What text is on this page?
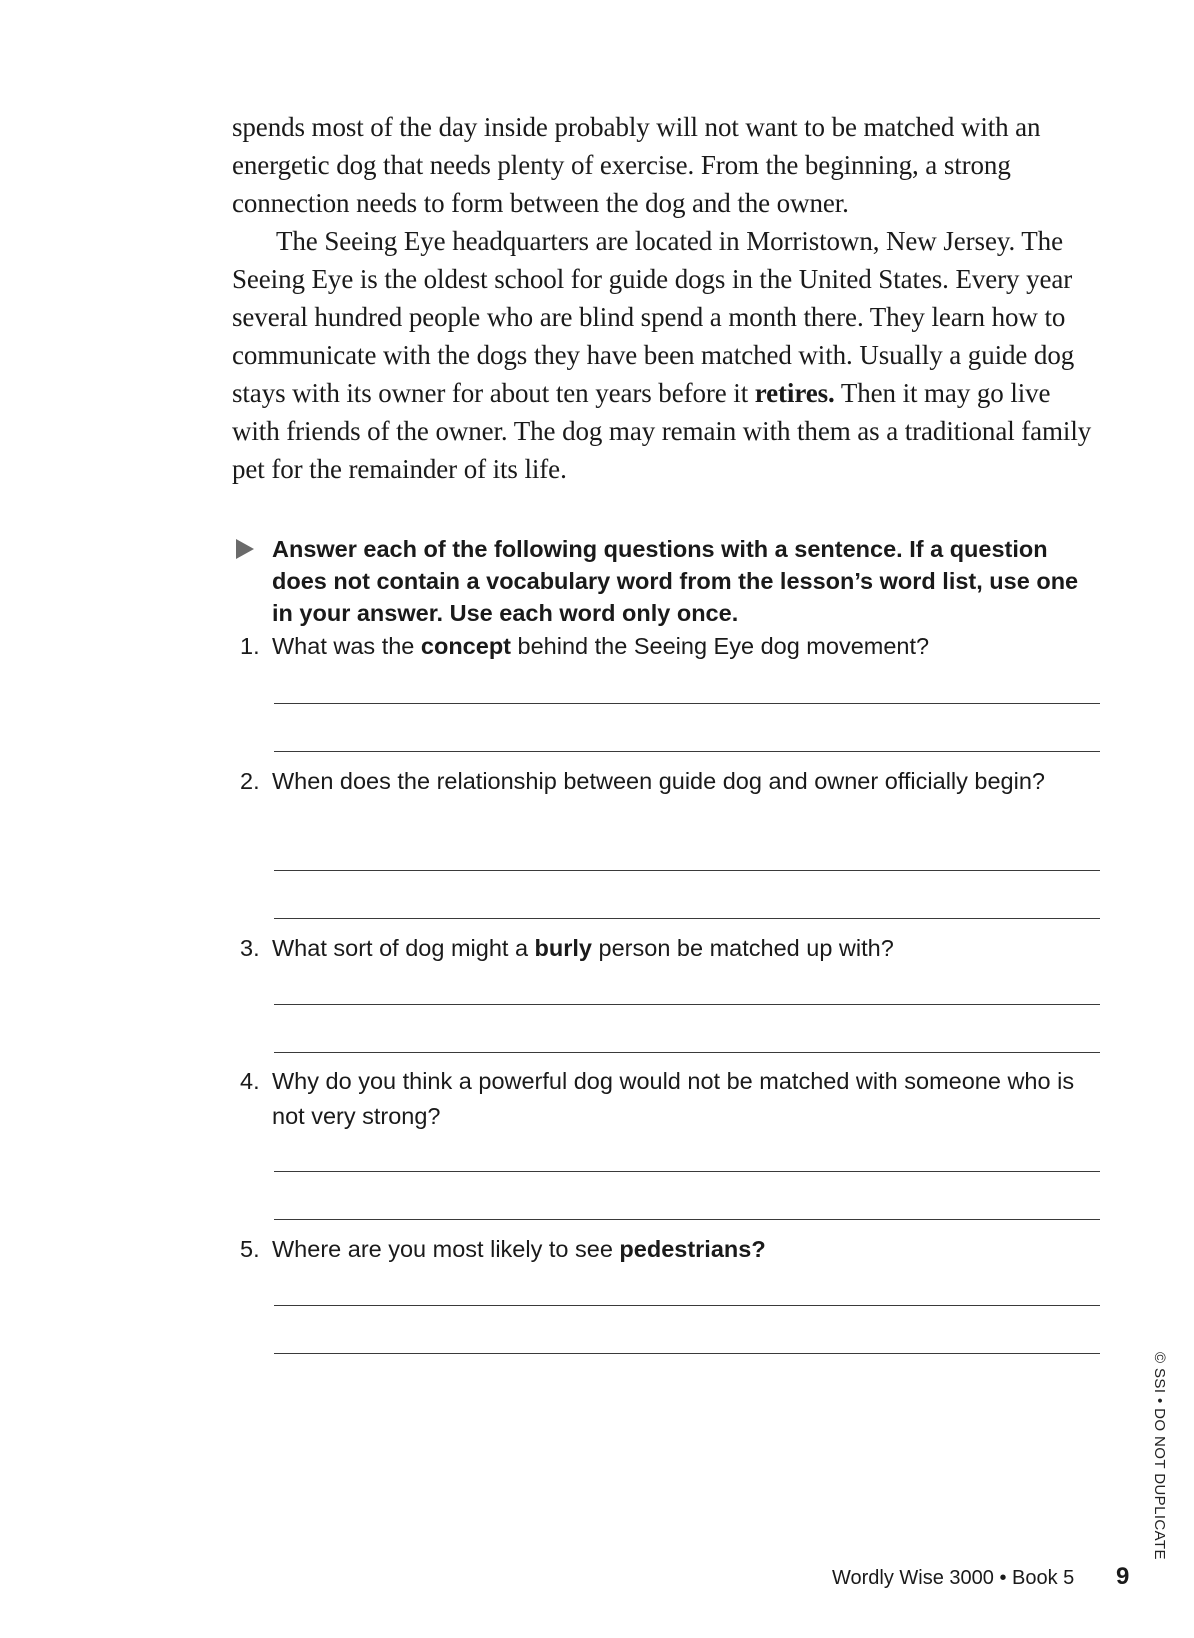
spends most of the day inside probably will not want to be matched with an energetic dog that needs plenty of exercise. From the beginning, a strong connection needs to form between the dog and the owner.

The Seeing Eye headquarters are located in Morristown, New Jersey. The Seeing Eye is the oldest school for guide dogs in the United States. Every year several hundred people who are blind spend a month there. They learn how to communicate with the dogs they have been matched with. Usually a guide dog stays with its owner for about ten years before it retires. Then it may go live with friends of the owner. The dog may remain with them as a traditional family pet for the remainder of its life.

Answer each of the following questions with a sentence. If a question does not contain a vocabulary word from the lesson’s word list, use one in your answer. Use each word only once.
1. What was the concept behind the Seeing Eye dog movement?
2. When does the relationship between guide dog and owner officially begin?
3. What sort of dog might a burly person be matched up with?
4. Why do you think a powerful dog would not be matched with someone who is not very strong?
5. Where are you most likely to see pedestrians?
© SSI • DO NOT DUPLICATE
Wordly Wise 3000 • Book 5 9
